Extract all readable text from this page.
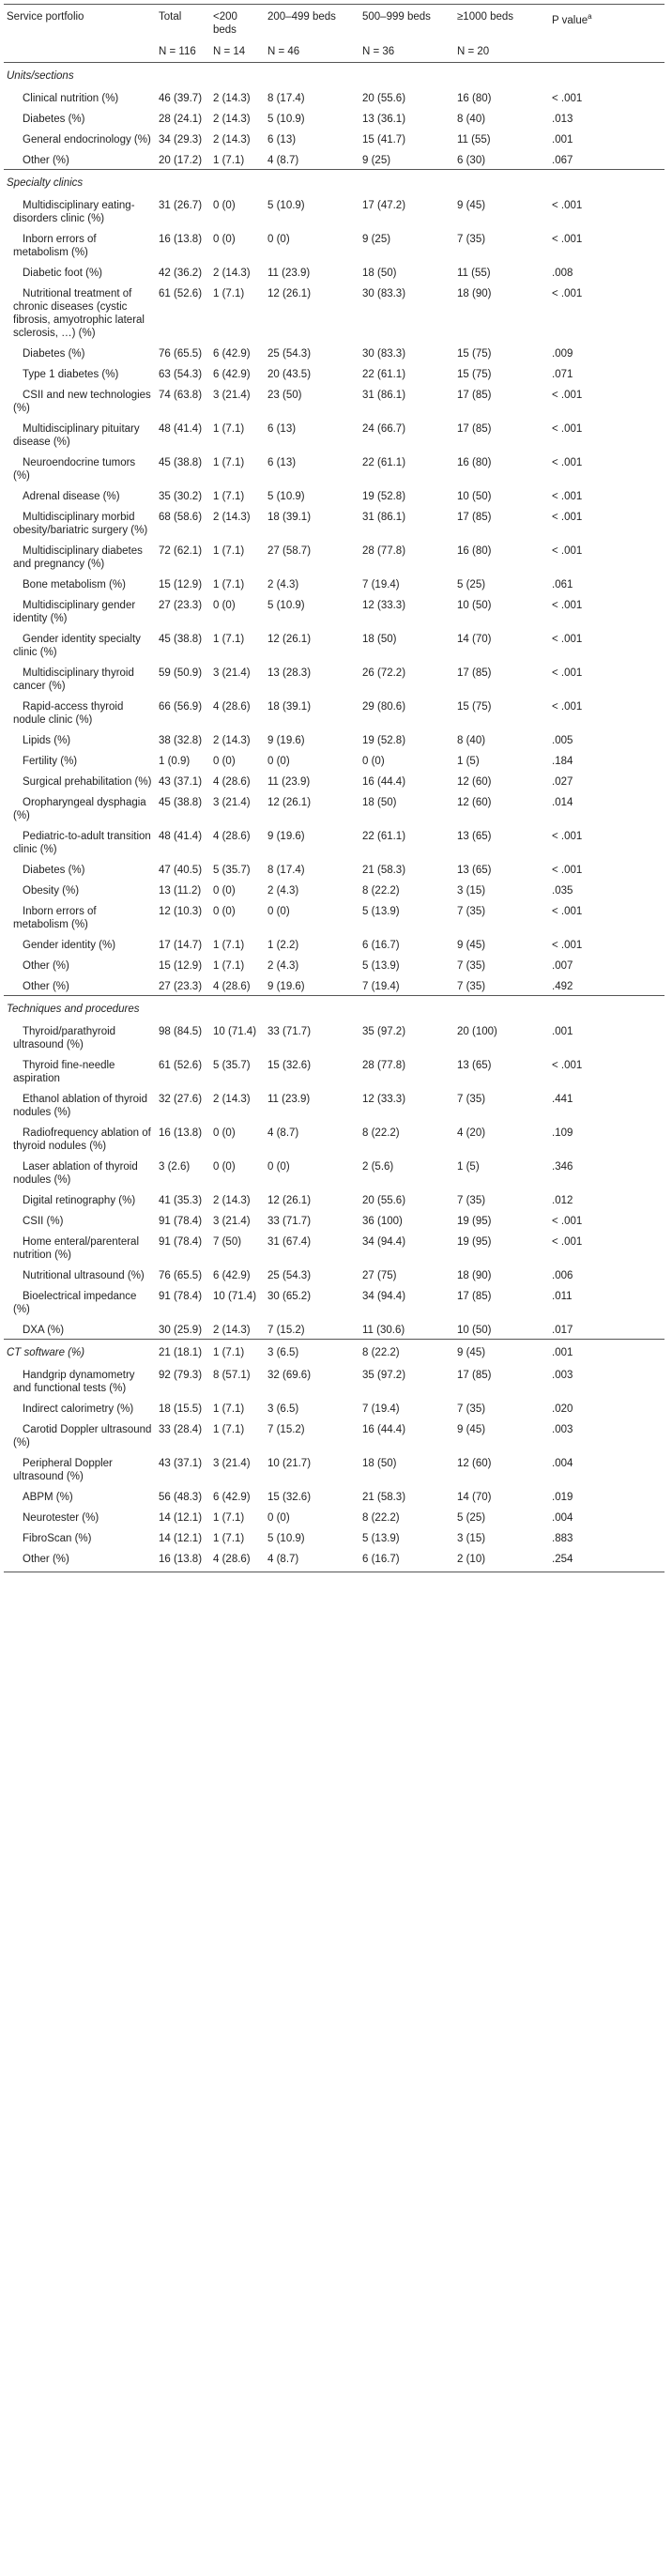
Service portfolio	Total	<200 beds	200–499 beds	500–999 beds	≥1000 beds	P value$^a$
	N = 116	N = 14	N = 46	N = 36	N = 20	
Units/sections						
Clinical nutrition (%)	46 (39.7)	2 (14.3)	8 (17.4)	20 (55.6)	16 (80)	< .001
Diabetes (%)	28 (24.1)	2 (14.3)	5 (10.9)	13 (36.1)	8 (40)	.013
General endocrinology (%)	34 (29.3)	2 (14.3)	6 (13)	15 (41.7)	11 (55)	.001
Other (%)	20 (17.2)	1 (7.1)	4 (8.7)	9 (25)	6 (30)	.067
Specialty clinics						
Multidisciplinary eating-disorders clinic (%)	31 (26.7)	0 (0)	5 (10.9)	17 (47.2)	9 (45)	< .001
Inborn errors of metabolism (%)	16 (13.8)	0 (0)	0 (0)	9 (25)	7 (35)	< .001
Diabetic foot (%)	42 (36.2)	2 (14.3)	11 (23.9)	18 (50)	11 (55)	.008
Nutritional treatment of chronic diseases (cystic fibrosis, amyotrophic lateral sclerosis, …) (%)	61 (52.6)	1 (7.1)	12 (26.1)	30 (83.3)	18 (90)	< .001
Diabetes (%)	76 (65.5)	6 (42.9)	25 (54.3)	30 (83.3)	15 (75)	.009
Type 1 diabetes (%)	63 (54.3)	6 (42.9)	20 (43.5)	22 (61.1)	15 (75)	.071
CSII and new technologies (%)	74 (63.8)	3 (21.4)	23 (50)	31 (86.1)	17 (85)	< .001
Multidisciplinary pituitary disease (%)	48 (41.4)	1 (7.1)	6 (13)	24 (66.7)	17 (85)	< .001
Neuroendocrine tumors (%)	45 (38.8)	1 (7.1)	6 (13)	22 (61.1)	16 (80)	< .001
Adrenal disease (%)	35 (30.2)	1 (7.1)	5 (10.9)	19 (52.8)	10 (50)	< .001
Multidisciplinary morbid obesity/bariatric surgery (%)	68 (58.6)	2 (14.3)	18 (39.1)	31 (86.1)	17 (85)	< .001
Multidisciplinary diabetes and pregnancy (%)	72 (62.1)	1 (7.1)	27 (58.7)	28 (77.8)	16 (80)	< .001
Bone metabolism (%)	15 (12.9)	1 (7.1)	2 (4.3)	7 (19.4)	5 (25)	.061
Multidisciplinary gender identity (%)	27 (23.3)	0 (0)	5 (10.9)	12 (33.3)	10 (50)	< .001
Gender identity specialty clinic (%)	45 (38.8)	1 (7.1)	12 (26.1)	18 (50)	14 (70)	< .001
Multidisciplinary thyroid cancer (%)	59 (50.9)	3 (21.4)	13 (28.3)	26 (72.2)	17 (85)	< .001
Rapid-access thyroid nodule clinic (%)	66 (56.9)	4 (28.6)	18 (39.1)	29 (80.6)	15 (75)	< .001
Lipids (%)	38 (32.8)	2 (14.3)	9 (19.6)	19 (52.8)	8 (40)	.005
Fertility (%)	1 (0.9)	0 (0)	0 (0)	0 (0)	1 (5)	.184
Surgical prehabilitation (%)	43 (37.1)	4 (28.6)	11 (23.9)	16 (44.4)	12 (60)	.027
Oropharyngeal dysphagia (%)	45 (38.8)	3 (21.4)	12 (26.1)	18 (50)	12 (60)	.014
Pediatric-to-adult transition clinic (%)	48 (41.4)	4 (28.6)	9 (19.6)	22 (61.1)	13 (65)	< .001
Diabetes (%)	47 (40.5)	5 (35.7)	8 (17.4)	21 (58.3)	13 (65)	< .001
Obesity (%)	13 (11.2)	0 (0)	2 (4.3)	8 (22.2)	3 (15)	.035
Inborn errors of metabolism (%)	12 (10.3)	0 (0)	0 (0)	5 (13.9)	7 (35)	< .001
Gender identity (%)	17 (14.7)	1 (7.1)	1 (2.2)	6 (16.7)	9 (45)	< .001
Other (%)	15 (12.9)	1 (7.1)	2 (4.3)	5 (13.9)	7 (35)	.007
Other (%)	27 (23.3)	4 (28.6)	9 (19.6)	7 (19.4)	7 (35)	.492
Techniques and procedures						
Thyroid/parathyroid ultrasound (%)	98 (84.5)	10 (71.4)	33 (71.7)	35 (97.2)	20 (100)	.001
Thyroid fine-needle aspiration	61 (52.6)	5 (35.7)	15 (32.6)	28 (77.8)	13 (65)	< .001
Ethanol ablation of thyroid nodules (%)	32 (27.6)	2 (14.3)	11 (23.9)	12 (33.3)	7 (35)	.441
Radiofrequency ablation of thyroid nodules (%)	16 (13.8)	0 (0)	4 (8.7)	8 (22.2)	4 (20)	.109
Laser ablation of thyroid nodules (%)	3 (2.6)	0 (0)	0 (0)	2 (5.6)	1 (5)	.346
Digital retinography (%)	41 (35.3)	2 (14.3)	12 (26.1)	20 (55.6)	7 (35)	.012
CSII (%)	91 (78.4)	3 (21.4)	33 (71.7)	36 (100)	19 (95)	< .001
Home enteral/parenteral nutrition (%)	91 (78.4)	7 (50)	31 (67.4)	34 (94.4)	19 (95)	< .001
Nutritional ultrasound (%)	76 (65.5)	6 (42.9)	25 (54.3)	27 (75)	18 (90)	.006
Bioelectrical impedance (%)	91 (78.4)	10 (71.4)	30 (65.2)	34 (94.4)	17 (85)	.011
DXA (%)	30 (25.9)	2 (14.3)	7 (15.2)	11 (30.6)	10 (50)	.017
CT software (%)	21 (18.1)	1 (7.1)	3 (6.5)	8 (22.2)	9 (45)	.001
Handgrip dynamometry and functional tests (%)	92 (79.3)	8 (57.1)	32 (69.6)	35 (97.2)	17 (85)	.003
Indirect calorimetry (%)	18 (15.5)	1 (7.1)	3 (6.5)	7 (19.4)	7 (35)	.020
Carotid Doppler ultrasound (%)	33 (28.4)	1 (7.1)	7 (15.2)	16 (44.4)	9 (45)	.003
Peripheral Doppler ultrasound (%)	43 (37.1)	3 (21.4)	10 (21.7)	18 (50)	12 (60)	.004
ABPM (%)	56 (48.3)	6 (42.9)	15 (32.6)	21 (58.3)	14 (70)	.019
Neurotester (%)	14 (12.1)	1 (7.1)	0 (0)	8 (22.2)	5 (25)	.004
FibroScan (%)	14 (12.1)	1 (7.1)	5 (10.9)	5 (13.9)	3 (15)	.883
Other (%)	16 (13.8)	4 (28.6)	4 (8.7)	6 (16.7)	2 (10)	.254
